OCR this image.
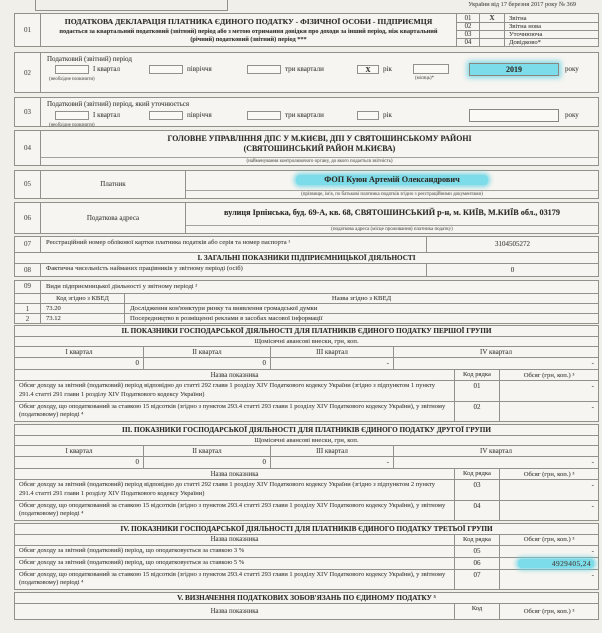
України від 17 березня 2017 року № 369
01
ПОДАТКОВА ДЕКЛАРАЦІЯ ПЛАТНИКА ЄДИНОГО ПОДАТКУ - ФІЗИЧНОЇ ОСОБИ - ПІДПРИЄМЦЯ
подається за квартальний податковий (звітний) період або з метою отримання довідки про доходи за інший період, ніж квартальний (річний) податковий (звітний) період ***
01	X	Звітна
02	Звітна нова
03	Уточнююча
04	Довідково*
02
Податковий (звітний) період
І квартал	півріччя	три квартали	X рік
(необхідне позначити)	(місяць)*
2019	року
03
Податковий (звітний) період, який уточнюється
І квартал	півріччя	три квартали	рік
(необхідне позначити)
року
04
ГОЛОВНЕ УПРАВЛІННЯ ДПС У М.КИЄВІ, ДПІ У СВЯТОШИНСЬКОМУ РАЙОНІ
(СВЯТОШИНСЬКИЙ РАЙОН М.КИЄВА)
(найменування контролюючого органу, до якого подається звітність)
05	Платник
ФОП Куюн Артемій Олександрович
(прізвище, ім'я, по батькові платника податків згідно з реєстраційними документами)
06	Податкова адреса
вулиця Ірпінська, буд. 69-А, кв. 68, СВЯТОШИНСЬКИЙ р-н, м. КИЇВ, М.КИЇВ обл., 03179
(податкова адреса (місце проживання) платника податку)
07	Реєстраційний номер облікової картки платника податків або серія та номер паспорта ¹	3104505272
І. ЗАГАЛЬНІ ПОКАЗНИКИ ПІДПРИЄМНИЦЬКОЇ ДІЯЛЬНОСТІ
08	Фактична чисельність найманих працівників у звітному періоді (осіб)	0
09	Види підприємницької діяльності у звітному періоді ²
Код згідно з КВЕД	Назва згідно з КВЕД
1	73.20	Дослідження кон'юнктури ринку та виявлення громадської думки
2	73.12	Посередництво в розміщенні реклами в засобах масової інформації
ІІ. ПОКАЗНИКИ ГОСПОДАРСЬКОЇ ДІЯЛЬНОСТІ ДЛЯ ПЛАТНИКІВ ЄДИНОГО ПОДАТКУ ПЕРШОЇ ГРУПИ
Щомісячні авансові внески, грн, коп.
І квартал	ІІ квартал	ІІІ квартал	IV квартал
0	0	-	-
Назва показника	Код рядка	Обсяг (грн, коп.) ³
Обсяг доходу за звітний (податковий) період відповідно до статті 292 глави 1 розділу XIV Податкового кодексу України (згідно з підпунктом 1 пункту 291.4 статті 291 глави 1 розділу XIV Податкового кодексу України)
01	-
Обсяг доходу, що оподаткований за ставкою 15 відсотків (згідно з пунктом 293.4 статті 293 глави 1 розділу XIV Податкового кодексу України), у звітному (податковому) періоді ⁴
02	-
ІІІ. ПОКАЗНИКИ ГОСПОДАРСЬКОЇ ДІЯЛЬНОСТІ ДЛЯ ПЛАТНИКІВ ЄДИНОГО ПОДАТКУ ДРУГОЇ ГРУПИ
Щомісячні авансові внески, грн, коп.
І квартал	ІІ квартал	ІІІ квартал	IV квартал
0	0	-	-
Назва показника	Код рядка	Обсяг (грн, коп.) ³
Обсяг доходу за звітний (податковий) період відповідно до статті 292 глави 1 розділу XIV Податкового кодексу України (згідно з підпунктом 2 пункту 291.4 статті 291 глави 1 розділу XIV Податкового кодексу України)
03	-
Обсяг доходу, що оподаткований за ставкою 15 відсотків (згідно з пунктом 293.4 статті 293 глави 1 розділу XIV Податкового кодексу України), у звітному (податковому) періоді ⁴
04	-
IV. ПОКАЗНИКИ ГОСПОДАРСЬКОЇ ДІЯЛЬНОСТІ ДЛЯ ПЛАТНИКІВ ЄДИНОГО ПОДАТКУ ТРЕТЬОЇ ГРУПИ
Назва показника	Код рядка	Обсяг (грн, коп.) ³
Обсяг доходу за звітний (податковий) період, що оподатковується за ставкою 3 %	05	-
Обсяг доходу за звітний (податковий) період, що оподатковується за ставкою 5 %	06	4929405,24
Обсяг доходу, що оподаткований за ставкою 15 відсотків (згідно з пунктом 293.4 статті 293 глави 1 розділу XIV Податкового кодексу України), у звітному (податковому) періоді ⁴
07	-
V. ВИЗНАЧЕННЯ ПОДАТКОВИХ ЗОБОВ'ЯЗАНЬ ПО ЄДИНОМУ ПОДАТКУ ⁵
Назва показника	Код	Обсяг (грн, коп.) ³
